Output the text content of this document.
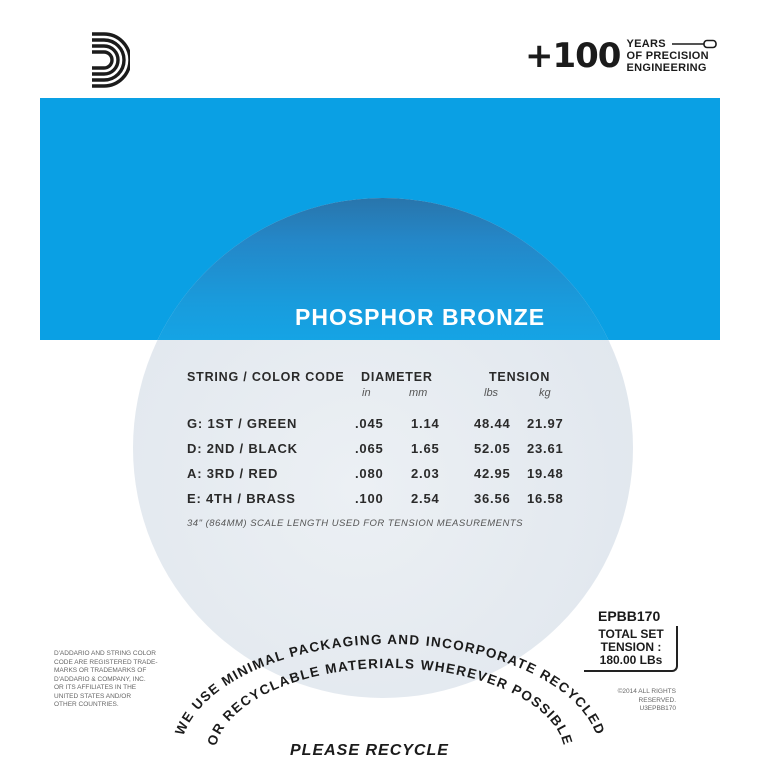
+100 YEARS
OF PRECISION
ENGINEERING
PHOSPHOR BRONZE
STRING / COLOR CODE DIAMETER	TENSION
in	mm	lbs	kg
G: 1ST / GREEN	.045 1.14	48.44 21.97
D: 2ND / BLACK	.065 1.65	52.05 23.61
A: 3RD / RED	.080 2.03	42.95 19.48
E: 4TH / BRASS	.100 2.54	36.56 16.58
34" (864MM) SCALE LENGTH USED FOR TENSION MEASUREMENTS
EPBB170
TOTAL SET
TENSION :
180.00 LBs
D'ADDARIO AND STRING COLOR
CODE ARE REGISTERED TRADE-
MARKS OR TRADEMARKS OF
D'ADDARIO & COMPANY, INC.
OR ITS AFFILIATES IN THE
UNITED STATES AND/OR
OTHER COUNTRIES.
©2014 ALL RIGHTS
RESERVED.
U3EPBB170
WE USE MINIMAL PACKAGING AND INCORPORATE RECYCLED
OR RECYCLABLE MATERIALS WHEREVER POSSIBLE
PLEASE RECYCLE
